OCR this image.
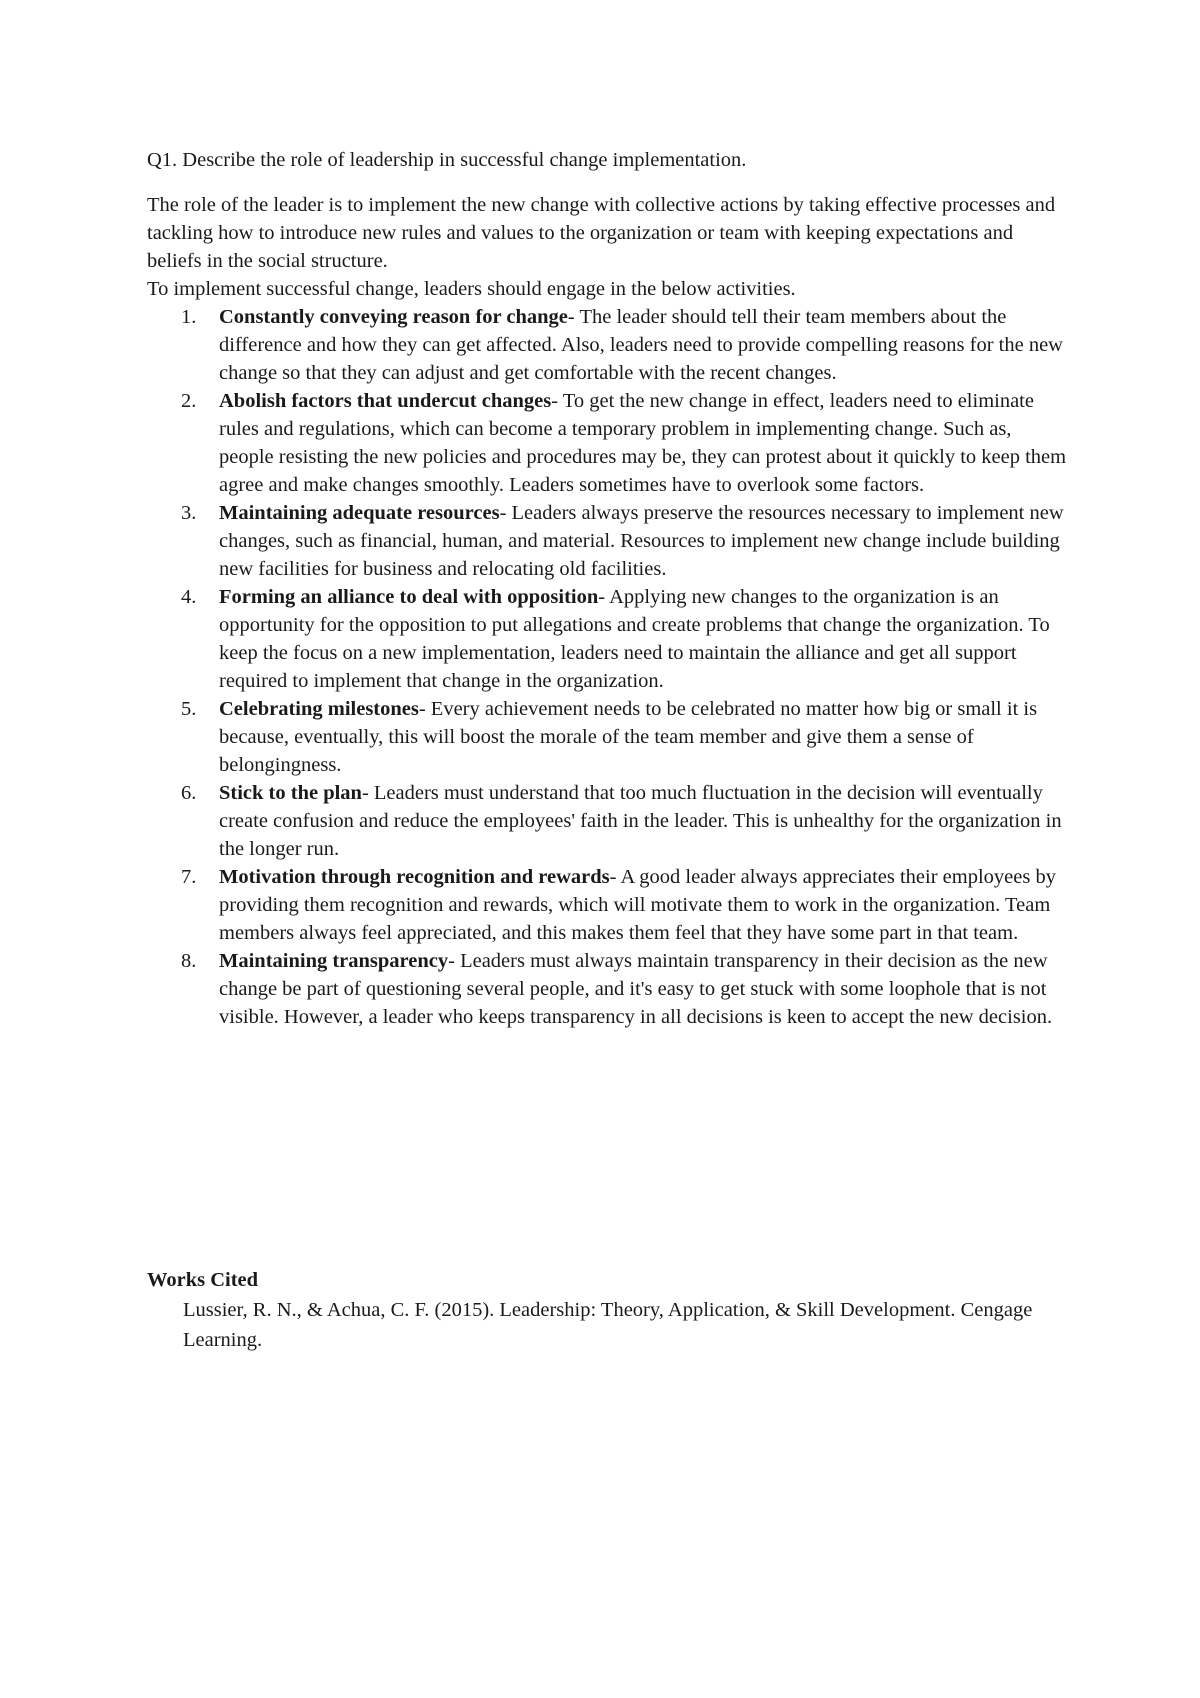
Q1. Describe the role of leadership in successful change implementation.

The role of the leader is to implement the new change with collective actions by taking effective processes and tackling how to introduce new rules and values to the organization or team with keeping expectations and beliefs in the social structure.

To implement successful change, leaders should engage in the below activities.

1. Constantly conveying reason for change- The leader should tell their team members about the difference and how they can get affected. Also, leaders need to provide compelling reasons for the new change so that they can adjust and get comfortable with the recent changes.
2. Abolish factors that undercut changes- To get the new change in effect, leaders need to eliminate rules and regulations, which can become a temporary problem in implementing change. Such as, people resisting the new policies and procedures may be, they can protest about it quickly to keep them agree and make changes smoothly. Leaders sometimes have to overlook some factors.
3. Maintaining adequate resources- Leaders always preserve the resources necessary to implement new changes, such as financial, human, and material. Resources to implement new change include building new facilities for business and relocating old facilities.
4. Forming an alliance to deal with opposition- Applying new changes to the organization is an opportunity for the opposition to put allegations and create problems that change the organization. To keep the focus on a new implementation, leaders need to maintain the alliance and get all support required to implement that change in the organization.
5. Celebrating milestones- Every achievement needs to be celebrated no matter how big or small it is because, eventually, this will boost the morale of the team member and give them a sense of belongingness.
6. Stick to the plan- Leaders must understand that too much fluctuation in the decision will eventually create confusion and reduce the employees' faith in the leader. This is unhealthy for the organization in the longer run.
7. Motivation through recognition and rewards- A good leader always appreciates their employees by providing them recognition and rewards, which will motivate them to work in the organization. Team members always feel appreciated, and this makes them feel that they have some part in that team.
8. Maintaining transparency- Leaders must always maintain transparency in their decision as the new change be part of questioning several people, and it's easy to get stuck with some loophole that is not visible. However, a leader who keeps transparency in all decisions is keen to accept the new decision.

Works Cited

Lussier, R. N., & Achua, C. F. (2015). Leadership: Theory, Application, & Skill Development. Cengage Learning.
